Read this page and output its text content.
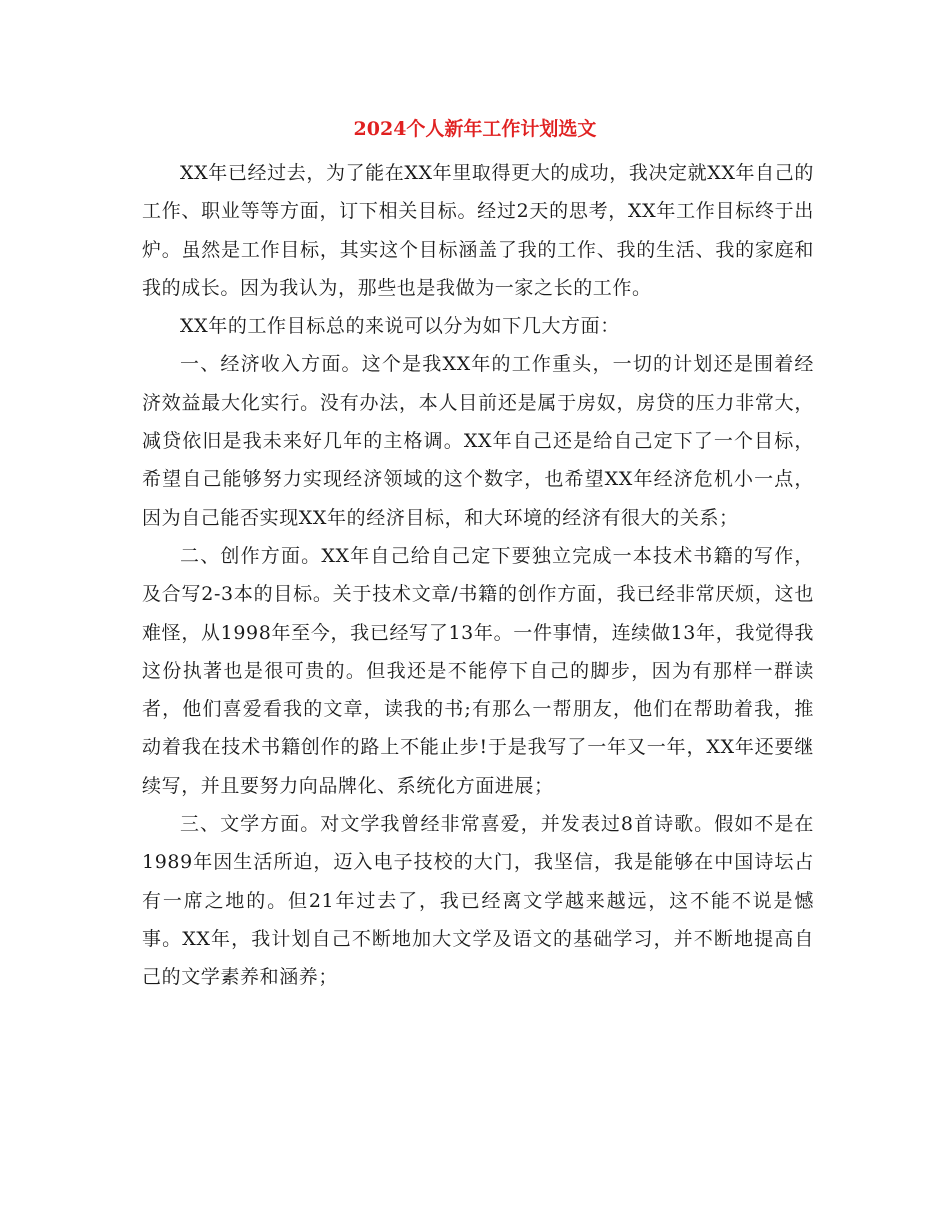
2024个人新年工作计划选文

XX年已经过去，为了能在XX年里取得更大的成功，我决定就XX年自己的工作、职业等等方面，订下相关目标。经过2天的思考，XX年工作目标终于出炉。虽然是工作目标，其实这个目标涵盖了我的工作、我的生活、我的家庭和我的成长。因为我认为，那些也是我做为一家之长的工作。

XX年的工作目标总的来说可以分为如下几大方面：

一、经济收入方面。这个是我XX年的工作重头，一切的计划还是围着经济效益最大化实行。没有办法，本人目前还是属于房奴，房贷的压力非常大，减贷依旧是我未来好几年的主格调。XX年自己还是给自己定下了一个目标，希望自己能够努力实现经济领域的这个数字，也希望XX年经济危机小一点，因为自己能否实现XX年的经济目标，和大环境的经济有很大的关系；

二、创作方面。XX年自己给自己定下要独立完成一本技术书籍的写作，及合写2-3本的目标。关于技术文章/书籍的创作方面，我已经非常厌烦，这也难怪，从1998年至今，我已经写了13年。一件事情，连续做13年，我觉得我这份执著也是很可贵的。但我还是不能停下自己的脚步，因为有那样一群读者，他们喜爱看我的文章，读我的书;有那么一帮朋友，他们在帮助着我，推动着我在技术书籍创作的路上不能止步!于是我写了一年又一年，XX年还要继续写，并且要努力向品牌化、系统化方面进展；

三、文学方面。对文学我曾经非常喜爱，并发表过8首诗歌。假如不是在1989年因生活所迫，迈入电子技校的大门，我坚信，我是能够在中国诗坛占有一席之地的。但21年过去了，我已经离文学越来越远，这不能不说是憾事。XX年，我计划自己不断地加大文学及语文的基础学习，并不断地提高自己的文学素养和涵养；
